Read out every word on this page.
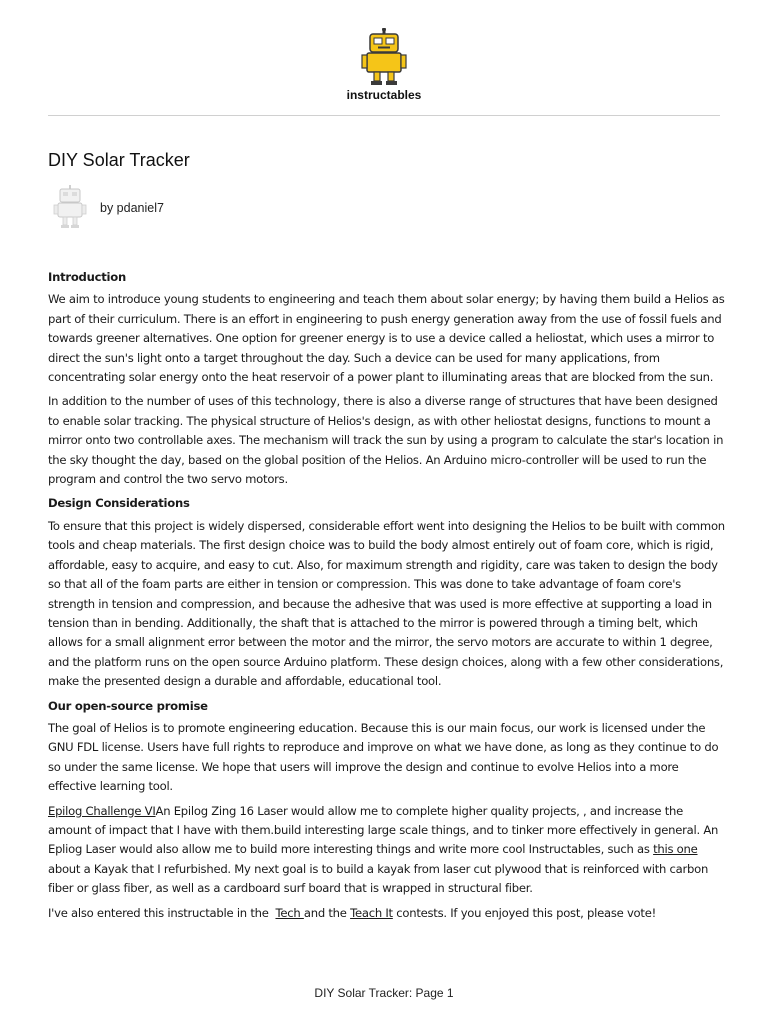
instructables
DIY Solar Tracker
by pdaniel7
Introduction

We aim to introduce young students to engineering and teach them about solar energy; by having them build a Helios as part of their curriculum. There is an effort in engineering to push energy generation away from the use of fossil fuels and towards greener alternatives. One option for greener energy is to use a device called a heliostat, which uses a mirror to direct the sun's light onto a target throughout the day. Such a device can be used for many applications, from concentrating solar energy onto the heat reservoir of a power plant to illuminating areas that are blocked from the sun.

In addition to the number of uses of this technology, there is also a diverse range of structures that have been designed to enable solar tracking. The physical structure of Helios's design, as with other heliostat designs, functions to mount a mirror onto two controllable axes. The mechanism will track the sun by using a program to calculate the star's location in the sky thought the day, based on the global position of the Helios. An Arduino micro-controller will be used to run the program and control the two servo motors.

Design Considerations

To ensure that this project is widely dispersed, considerable effort went into designing the Helios to be built with common tools and cheap materials. The first design choice was to build the body almost entirely out of foam core, which is rigid, affordable, easy to acquire, and easy to cut. Also, for maximum strength and rigidity, care was taken to design the body so that all of the foam parts are either in tension or compression. This was done to take advantage of foam core's strength in tension and compression, and because the adhesive that was used is more effective at supporting a load in tension than in bending. Additionally, the shaft that is attached to the mirror is powered through a timing belt, which allows for a small alignment error between the motor and the mirror, the servo motors are accurate to within 1 degree, and the platform runs on the open source Arduino platform. These design choices, along with a few other considerations, make the presented design a durable and affordable, educational tool.

Our open-source promise

The goal of Helios is to promote engineering education. Because this is our main focus, our work is licensed under the GNU FDL license. Users have full rights to reproduce and improve on what we have done, as long as they continue to do so under the same license. We hope that users will improve the design and continue to evolve Helios into a more effective learning tool.

Epilog Challenge VIAn Epilog Zing 16 Laser would allow me to complete higher quality projects, , and increase the amount of impact that I have with them.build interesting large scale things, and to tinker more effectively in general. An Epliog Laser would also allow me to build more interesting things and write more cool Instructables, such as this one about a Kayak that I refurbished. My next goal is to build a kayak from laser cut plywood that is reinforced with carbon fiber or glass fiber, as well as a cardboard surf board that is wrapped in structural fiber.

I've also entered this instructable in the  Tech and the Teach It contests. If you enjoyed this post, please vote!

DIY Solar Tracker: Page 1
